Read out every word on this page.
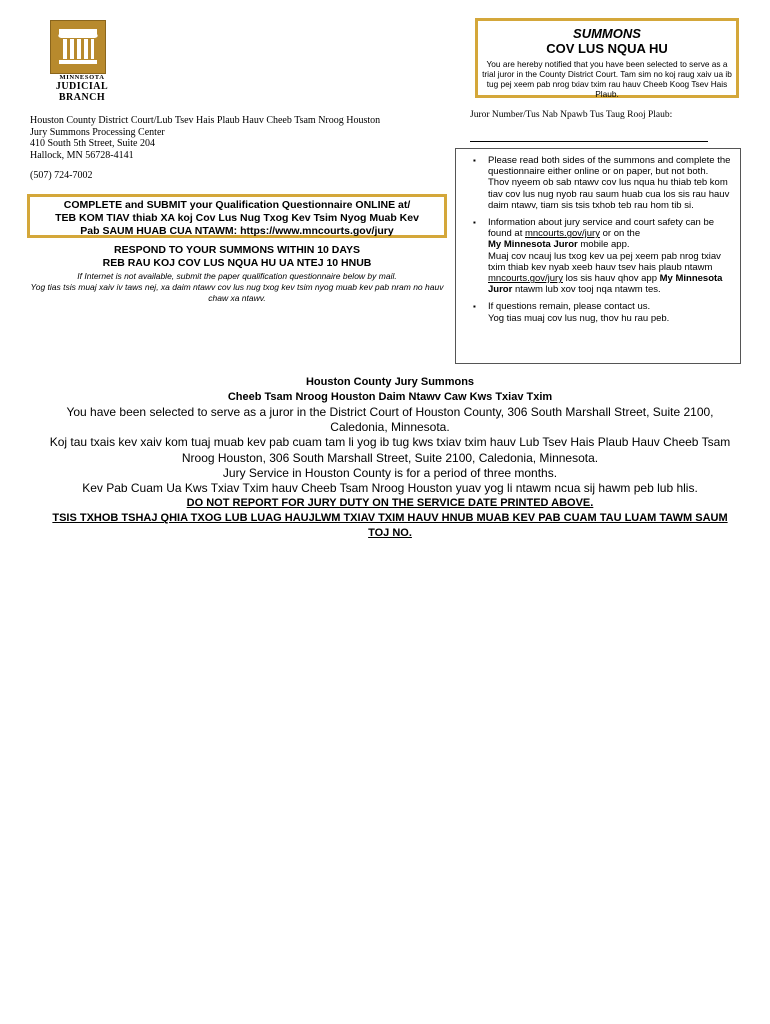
MINNESOTA
JUDICIAL
BRANCH
SUMMONS
COV LUS NQUA HU
You are hereby notified that you have been selected to serve as a trial juror in the County District Court. Tam sim no koj raug xaiv ua ib tug pej xeem pab nrog txiav txim rau hauv Cheeb Koog Tsev Hais Plaub.
Houston County District Court/Lub Tsev Hais Plaub Hauv Cheeb Tsam Nroog Houston
Jury Summons Processing Center
410 South 5th Street, Suite 204
Hallock, MN 56728-4141
(507) 724-7002
Juror Number/Tus Nab Npawb Tus Taug Rooj Plaub:
COMPLETE and SUBMIT your Qualification Questionnaire ONLINE at/
TEB KOM TIAV thiab XA koj Cov Lus Nug Txog Kev Tsim Nyog Muab Kev
Pab SAUM HUAB CUA NTAWM: https://www.mncourts.gov/jury
RESPOND TO YOUR SUMMONS WITHIN 10 DAYS
REB RAU KOJ COV LUS NQUA HU UA NTEJ 10 HNUB
If Internet is not available, submit the paper qualification questionnaire below by mail.
Yog tias tsis muaj xaiv iv taws nej, xa daim ntawv cov lus nug txog kev tsim nyog muab kev pab nram no hauv chaw xa ntawv.
▪ Please read both sides of the summons and complete the questionnaire either online or on paper, but not both.
Thov nyeem ob sab ntawv cov lus nqua hu thiab teb kom tiav cov lus nug nyob rau saum huab cua los sis rau hauv daim ntawv, tiam sis tsis txhob teb rau hom tib si.
▪ Information about jury service and court safety can be found at mncourts.gov/jury or on the
My Minnesota Juror mobile app.
Muaj cov ncauj lus txog kev ua pej xeem pab nrog txiav txim thiab kev nyab xeeb hauv tsev hais plaub ntawm mncourts.gov/jury los sis hauv qhov app My Minnesota Juror ntawm lub xov tooj nqa ntawm tes.
▪ If questions remain, please contact us.
Yog tias muaj cov lus nug, thov hu rau peb.
Houston County Jury Summons
Cheeb Tsam Nroog Houston Daim Ntawv Caw Kws Txiav Txim
You have been selected to serve as a juror in the District Court of Houston County, 306 South Marshall Street, Suite 2100, Caledonia, Minnesota.
Koj tau txais kev xaiv kom tuaj muab kev pab cuam tam li yog ib tug kws txiav txim hauv Lub Tsev Hais Plaub Hauv Cheeb Tsam Nroog Houston, 306 South Marshall Street, Suite 2100, Caledonia, Minnesota.
Jury Service in Houston County is for a period of three months.
Kev Pab Cuam Ua Kws Txiav Txim hauv Cheeb Tsam Nroog Houston yuav yog li ntawm ncua sij hawm peb lub hlis.
DO NOT REPORT FOR JURY DUTY ON THE SERVICE DATE PRINTED ABOVE.
TSIS TXHOB TSHAJ QHIA TXOG LUB LUAG HAUJLWM TXIAV TXIM HAUV HNUB MUAB KEV PAB CUAM TAU LUAM TAWM SAUM TOJ NO.
